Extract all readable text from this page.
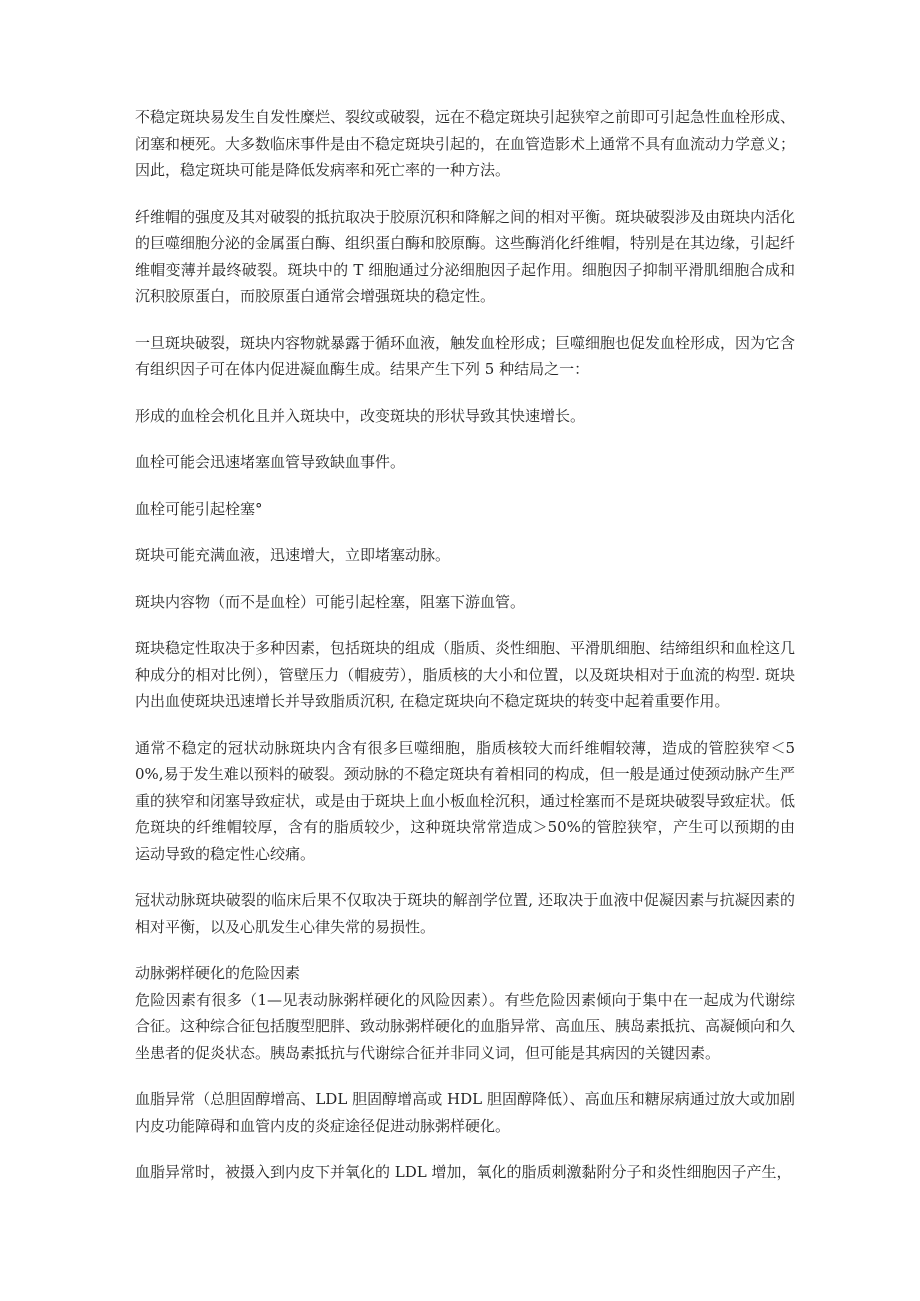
不稳定斑块易发生自发性糜烂、裂纹或破裂，远在不稳定斑块引起狭窄之前即可引起急性血栓形成、闭塞和梗死。大多数临床事件是由不稳定斑块引起的，在血管造影术上通常不具有血流动力学意义；因此，稳定斑块可能是降低发病率和死亡率的一种方法。

纤维帽的强度及其对破裂的抵抗取决于胶原沉积和降解之间的相对平衡。斑块破裂涉及由斑块内活化的巨噬细胞分泌的金属蛋白酶、组织蛋白酶和胶原酶。这些酶消化纤维帽，特别是在其边缘，引起纤维帽变薄并最终破裂。斑块中的 T 细胞通过分泌细胞因子起作用。细胞因子抑制平滑肌细胞合成和沉积胶原蛋白，而胶原蛋白通常会增强斑块的稳定性。

一旦斑块破裂，斑块内容物就暴露于循环血液，触发血栓形成；巨噬细胞也促发血栓形成，因为它含有组织因子可在体内促进凝血酶生成。结果产生下列 5 种结局之一：

形成的血栓会机化且并入斑块中，改变斑块的形状导致其快速增长。

血栓可能会迅速堵塞血管导致缺血事件。

血栓可能引起栓塞°

斑块可能充满血液，迅速增大，立即堵塞动脉。

斑块内容物（而不是血栓）可能引起栓塞，阻塞下游血管。

斑块稳定性取决于多种因素，包括斑块的组成（脂质、炎性细胞、平滑肌细胞、结缔组织和血栓这几种成分的相对比例），管壁压力（帽疲劳），脂质核的大小和位置，以及斑块相对于血流的构型. 斑块内出血使斑块迅速增长并导致脂质沉积, 在稳定斑块向不稳定斑块的转变中起着重要作用。

通常不稳定的冠状动脉斑块内含有很多巨噬细胞，脂质核较大而纤维帽较薄，造成的管腔狭窄＜50%,易于发生难以预料的破裂。颈动脉的不稳定斑块有着相同的构成，但一般是通过使颈动脉产生严重的狭窄和闭塞导致症状，或是由于斑块上血小板血栓沉积，通过栓塞而不是斑块破裂导致症状。低危斑块的纤维帽较厚，含有的脂质较少，这种斑块常常造成＞50%的管腔狭窄，产生可以预期的由运动导致的稳定性心绞痛。

冠状动脉斑块破裂的临床后果不仅取决于斑块的解剖学位置, 还取决于血液中促凝因素与抗凝因素的相对平衡，以及心肌发生心律失常的易损性。

动脉粥样硬化的危险因素

危险因素有很多（1—见表动脉粥样硬化的风险因素）。有些危险因素倾向于集中在一起成为代谢综合征。这种综合征包括腹型肥胖、致动脉粥样硬化的血脂异常、高血压、胰岛素抵抗、高凝倾向和久坐患者的促炎状态。胰岛素抵抗与代谢综合征并非同义词，但可能是其病因的关键因素。

血脂异常（总胆固醇增高、LDL 胆固醇增高或 HDL 胆固醇降低）、高血压和糖尿病通过放大或加剧内皮功能障碍和血管内皮的炎症途径促进动脉粥样硬化。

血脂异常时，被摄入到内皮下并氧化的 LDL 增加，氧化的脂质刺激黏附分子和炎性细胞因子产生，
